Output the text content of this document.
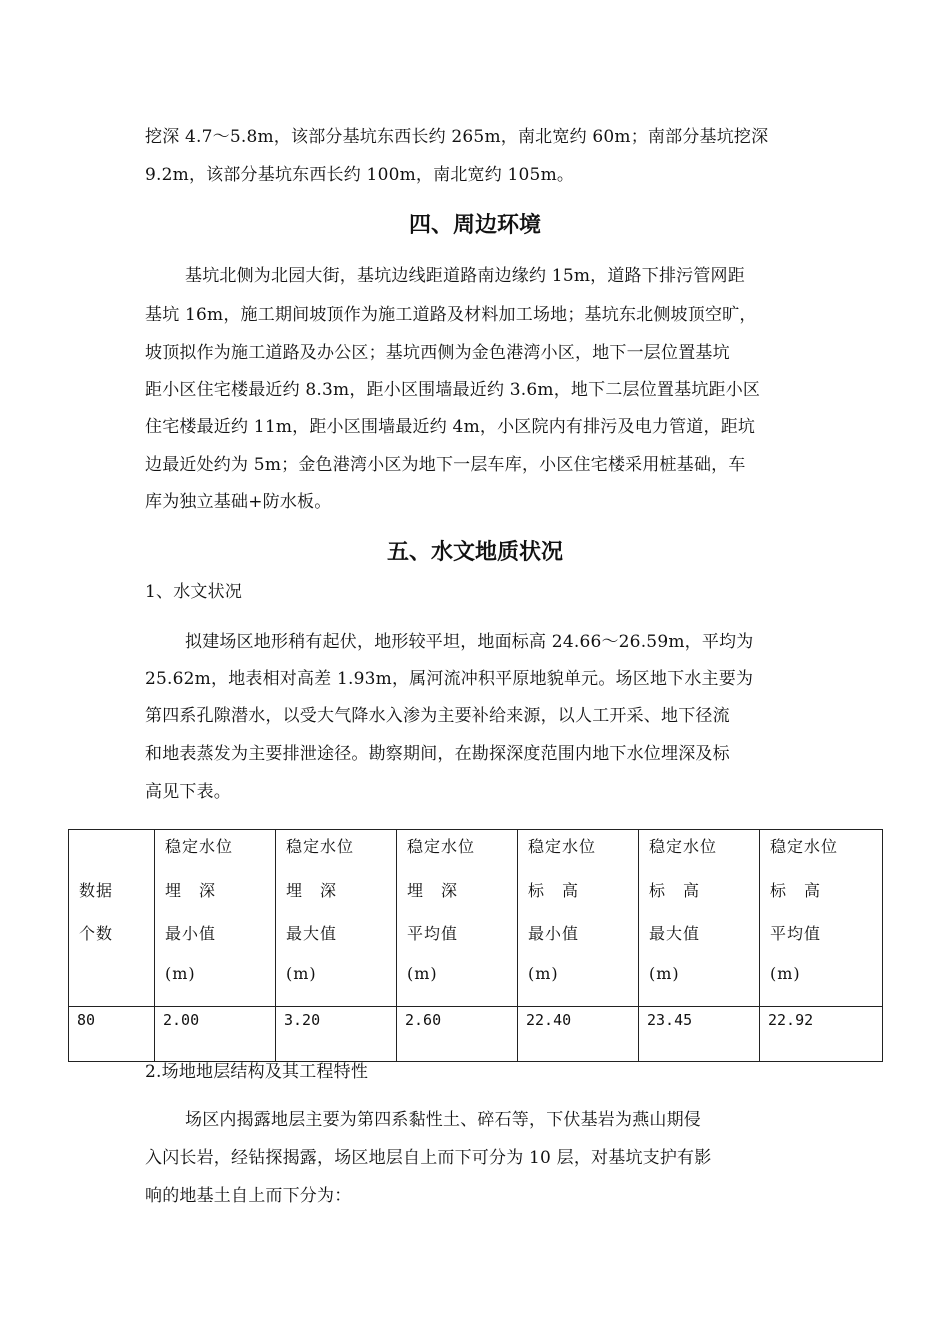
挖深 4.7～5.8m，该部分基坑东西长约 265m，南北宽约 60m；南部分基坑挖深
9.2m，该部分基坑东西长约 100m，南北宽约 105m。
四、周边环境
基坑北侧为北园大街，基坑边线距道路南边缘约 15m，道路下排污管网距
基坑 16m，施工期间坡顶作为施工道路及材料加工场地；基坑东北侧坡顶空旷，
坡顶拟作为施工道路及办公区；基坑西侧为金色港湾小区，地下一层位置基坑
距小区住宅楼最近约 8.3m，距小区围墙最近约 3.6m，地下二层位置基坑距小区
住宅楼最近约 11m，距小区围墙最近约 4m，小区院内有排污及电力管道，距坑
边最近处约为 5m；金色港湾小区为地下一层车库，小区住宅楼采用桩基础，车
库为独立基础+防水板。
五、水文地质状况
1、水文状况
拟建场区地形稍有起伏，地形较平坦，地面标高 24.66～26.59m，平均为
25.62m，地表相对高差 1.93m，属河流冲积平原地貌单元。场区地下水主要为
第四系孔隙潜水，以受大气降水入渗为主要补给来源，以人工开采、地下径流
和地表蒸发为主要排泄途径。勘察期间，在勘探深度范围内地下水位埋深及标
高见下表。
数据
个数	稳定水位
埋　深
最小值
(m)	稳定水位
埋　深
最大值
(m)	稳定水位
埋　深
平均值
(m)	稳定水位
标　高
最小值
(m)	稳定水位
标　高
最大值
(m)	稳定水位
标　高
平均值
(m)

80	2.00	3.20	2.60	22.40	23.45	22.92
2.场地地层结构及其工程特性
场区内揭露地层主要为第四系黏性土、碎石等，下伏基岩为燕山期侵
入闪长岩，经钻探揭露，场区地层自上而下可分为 10 层，对基坑支护有影
响的地基土自上而下分为：
